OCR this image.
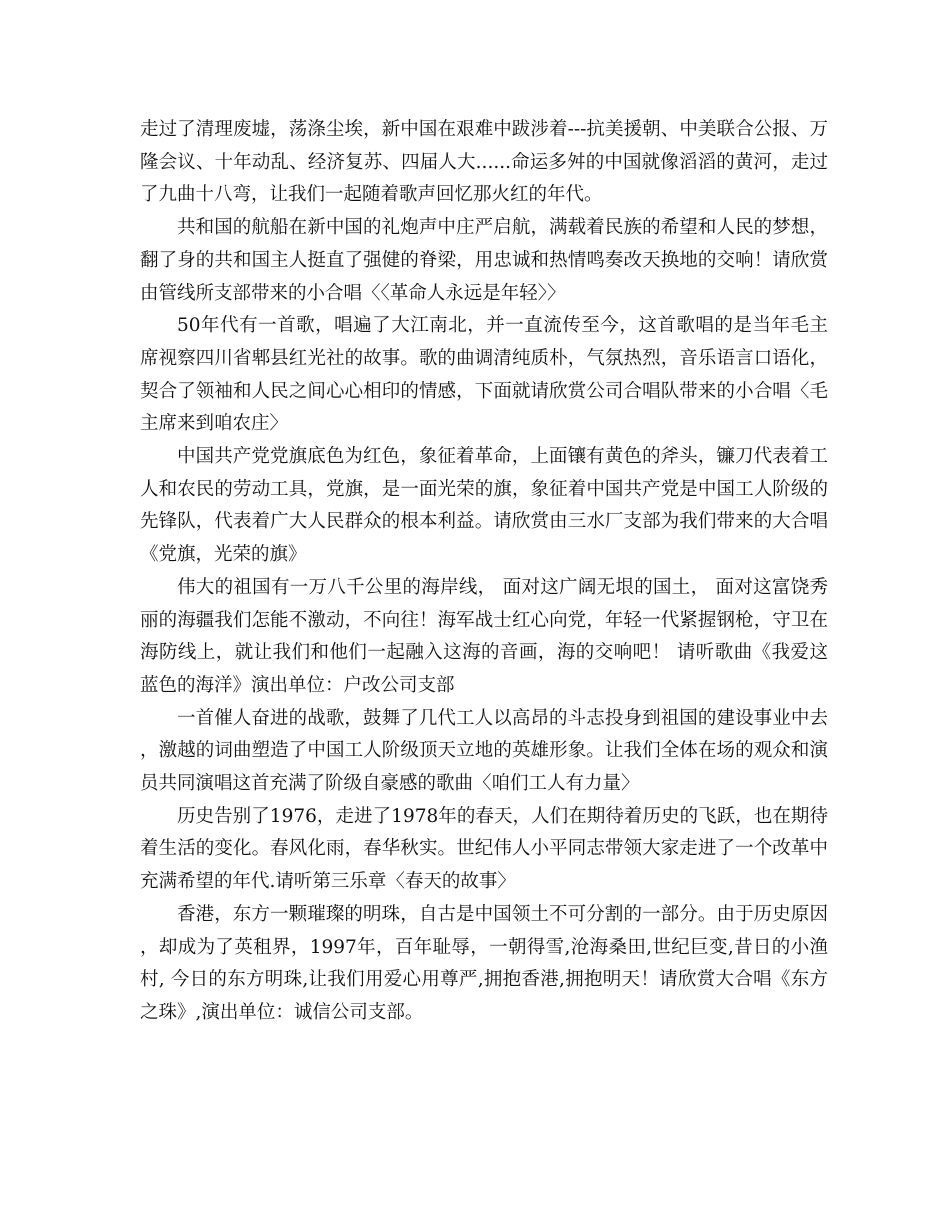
走过了清理废墟，荡涤尘埃，新中国在艰难中跋涉着---抗美援朝、中美联合公报、万隆会议、十年动乱、经济复苏、四届人大......命运多舛的中国就像滔滔的黄河，走过了九曲十八弯，让我们一起随着歌声回忆那火红的年代。

共和国的航船在新中国的礼炮声中庄严启航，满载着民族的希望和人民的梦想，翻了身的共和国主人挺直了强健的脊梁，用忠诚和热情鸣奏改天换地的交响！请欣赏由管线所支部带来的小合唱〈〈革命人永远是年轻〉〉

50年代有一首歌，唱遍了大江南北，并一直流传至今，这首歌唱的是当年毛主席视察四川省郫县红光社的故事。歌的曲调清纯质朴，气氛热烈，音乐语言口语化，契合了领袖和人民之间心心相印的情感，下面就请欣赏公司合唱队带来的小合唱〈毛主席来到咱农庄〉

中国共产党党旗底色为红色，象征着革命，上面镶有黄色的斧头，镰刀代表着工人和农民的劳动工具，党旗，是一面光荣的旗，象征着中国共产党是中国工人阶级的先锋队，代表着广大人民群众的根本利益。请欣赏由三水厂支部为我们带来的大合唱《党旗，光荣的旗》

伟大的祖国有一万八千公里的海岸线， 面对这广阔无垠的国土， 面对这富饶秀丽的海疆我们怎能不激动，不向往！海军战士红心向党，年轻一代紧握钢枪，守卫在海防线上，就让我们和他们一起融入这海的音画，海的交响吧！ 请听歌曲《我爱这蓝色的海洋》演出单位：户改公司支部

一首催人奋进的战歌，鼓舞了几代工人以高昂的斗志投身到祖国的建设事业中去，激越的词曲塑造了中国工人阶级顶天立地的英雄形象。让我们全体在场的观众和演员共同演唱这首充满了阶级自豪感的歌曲〈咱们工人有力量〉

历史告别了1976，走进了1978年的春天，人们在期待着历史的飞跃，也在期待着生活的变化。春风化雨，春华秋实。世纪伟人小平同志带领大家走进了一个改革中充满希望的年代.请听第三乐章〈春天的故事〉

香港，东方一颗璀璨的明珠，自古是中国领土不可分割的一部分。由于历史原因，却成为了英租界，1997年，百年耻辱，一朝得雪,沧海桑田,世纪巨变,昔日的小渔村, 今日的东方明珠,让我们用爱心用尊严,拥抱香港,拥抱明天！请欣赏大合唱《东方之珠》,演出单位：诚信公司支部。
